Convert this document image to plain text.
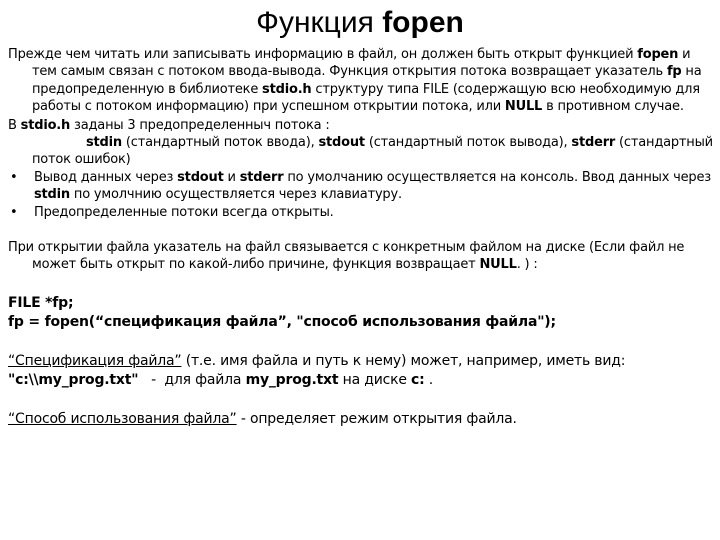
Функция fopen

Прежде чем читать или записывать информацию в файл, он должен быть открыт функцией fopen и тем самым связан с потоком ввода-вывода. Функция открытия потока возвращает указатель fp на предопределенную в библиотеке stdio.h структуру типа FILE (содержащую всю необходимую для работы с потоком информацию) при успешном открытии потока, или NULL в противном случае.

В stdio.h заданы 3 предопределенныч потока :
stdin (стандартный поток ввода), stdout (стандартный поток вывода), stderr (стандартный поток ошибок)

• Вывод данных через stdout и stderr по умолчанию осуществляется на консоль. Ввод данных через stdin по умолчнию осуществляется через клавиатуру.
• Предопределенные потоки всегда открыты.

При открытии файла указатель на файл связывается с конкретным файлом на диске (Если файл не может быть открыт по какой-либо причине, функция возвращает NULL. ) :

FILE *fp;
fp = fopen(“спецификация файла”, "способ использования файла");
“Спецификация файла” (т.е. имя файла и путь к нему) может, например, иметь вид:
"c:\\my_prog.txt"   -  для файла my_prog.txt на диске c: .
“Способ использования файла” - определяет режим открытия файла.
